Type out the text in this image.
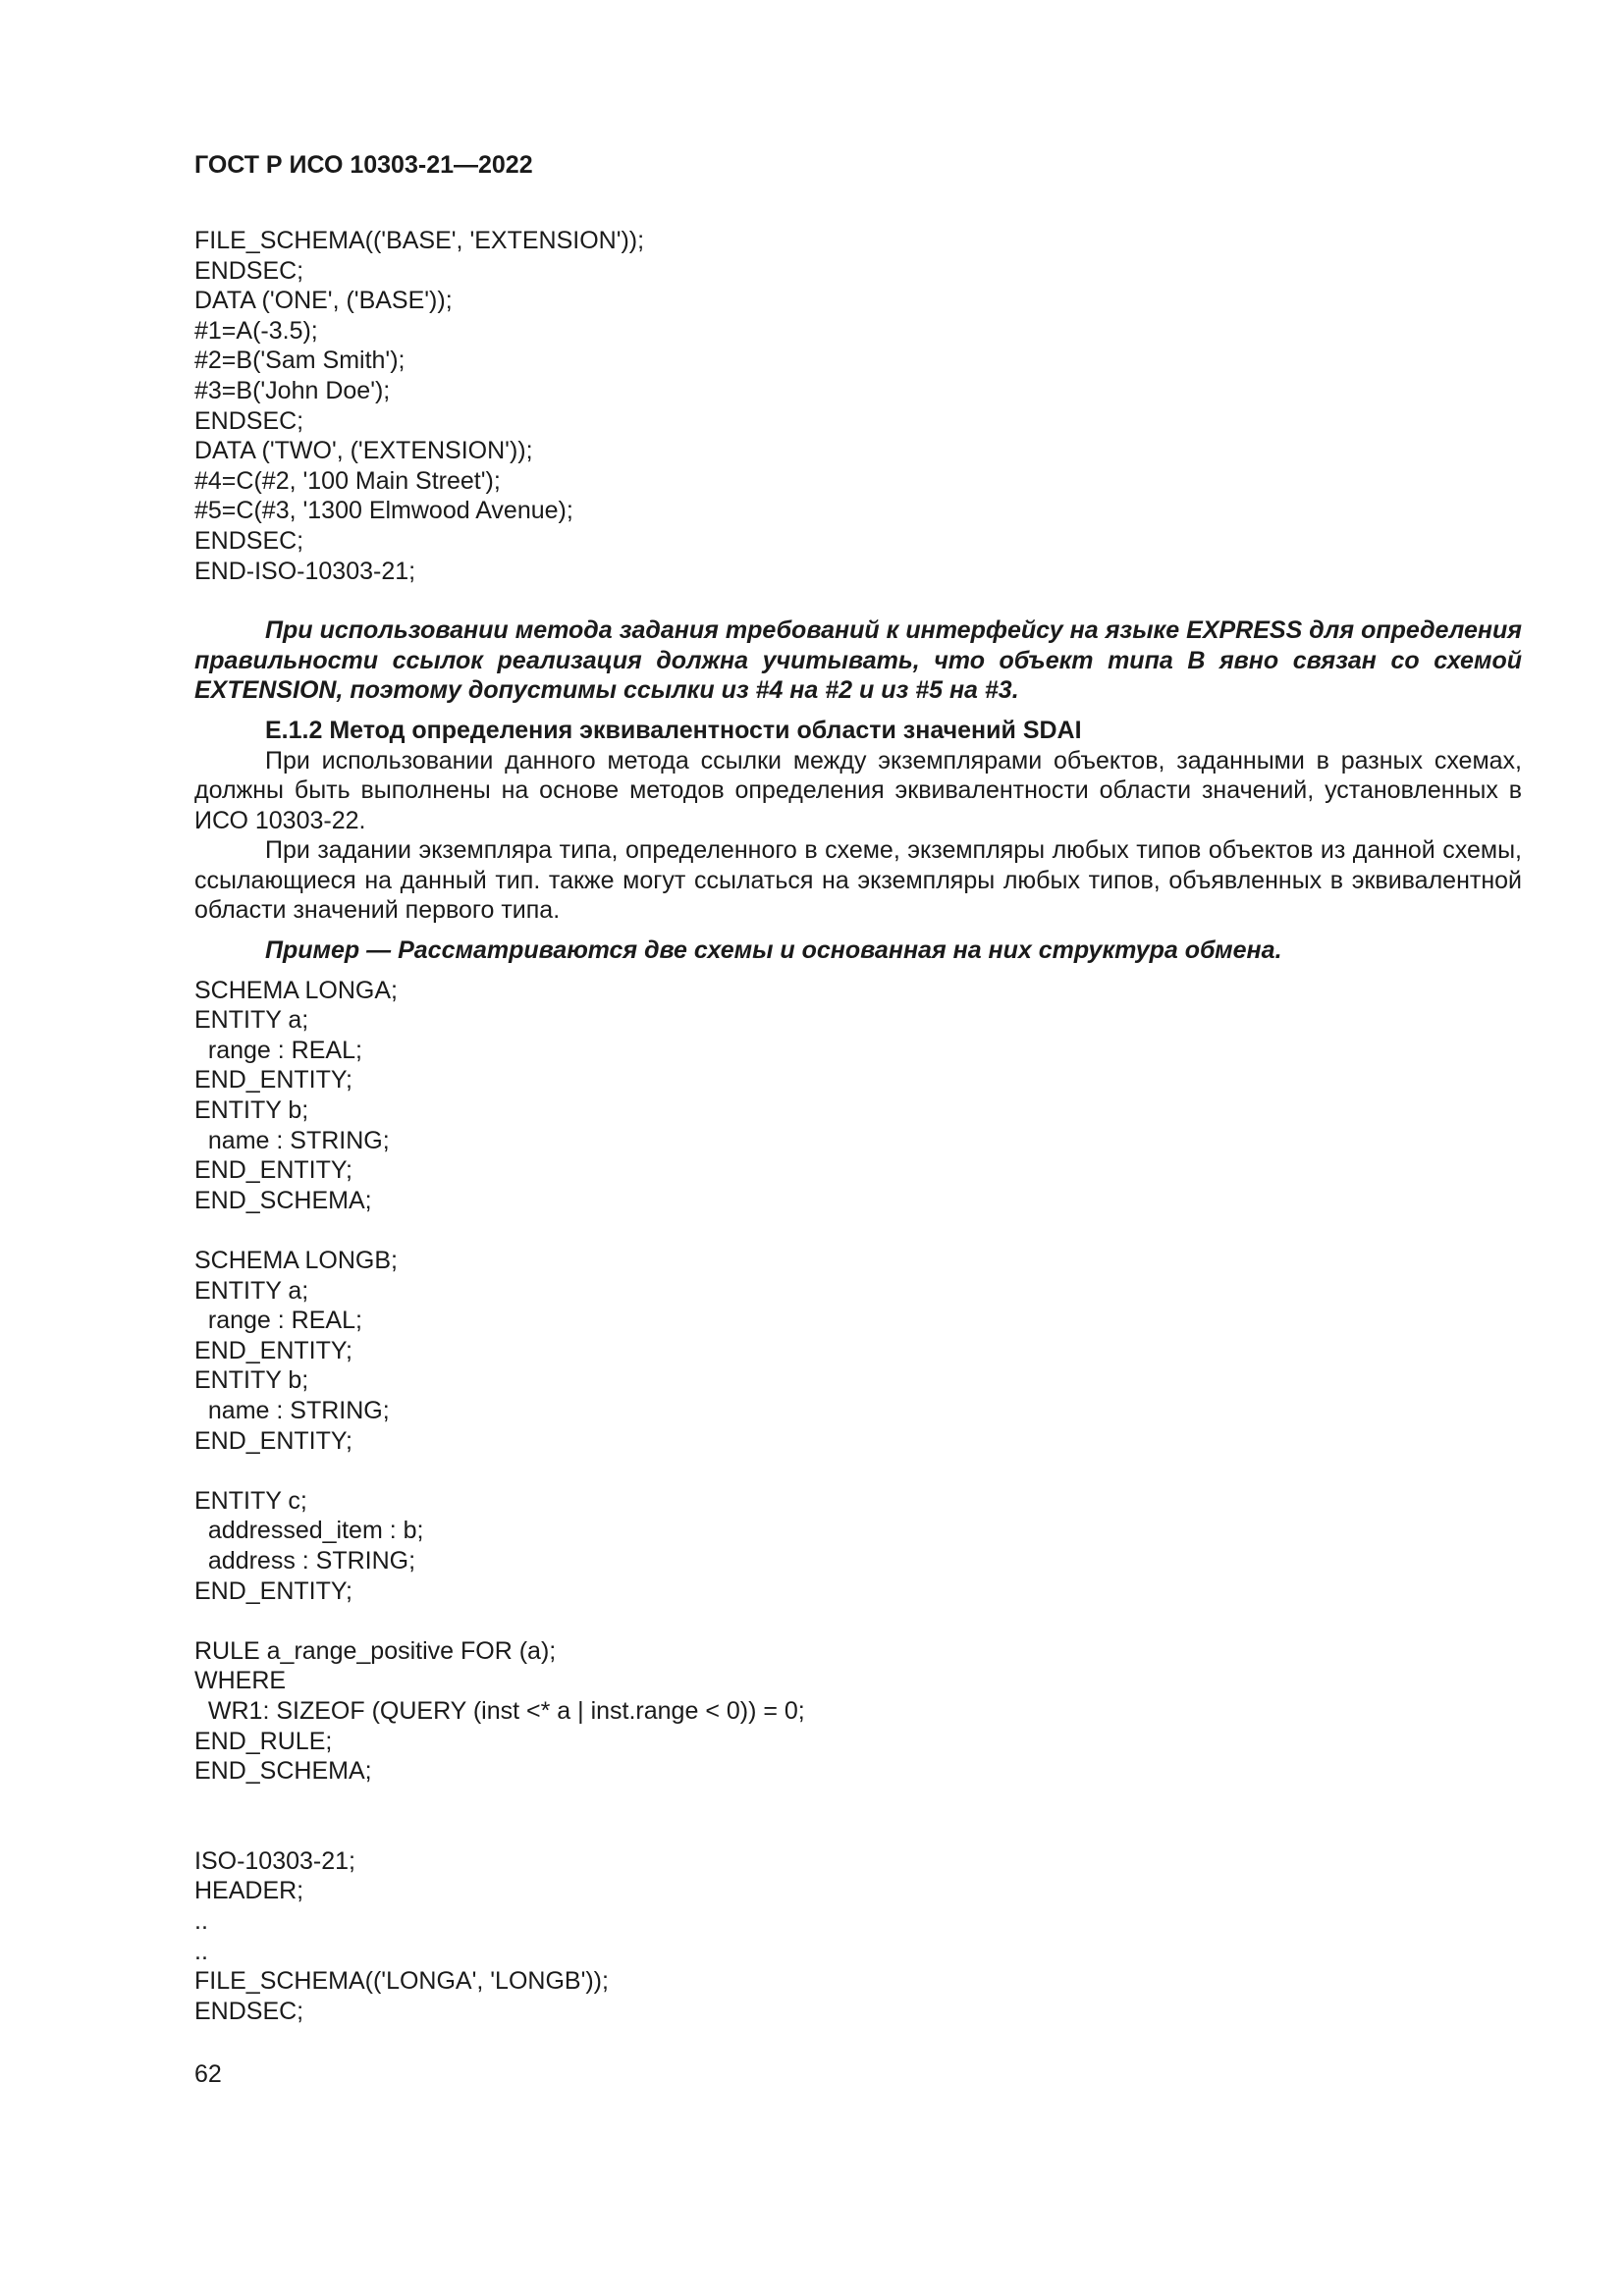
ГОСТ Р ИСО 10303-21—2022
FILE_SCHEMA(('BASE', 'EXTENSION'));
ENDSEC;
DATA ('ONE', ('BASE'));
#1=A(-3.5);
#2=B('Sam Smith');
#3=B('John Doe');
ENDSEC;
DATA ('TWO', ('EXTENSION'));
#4=C(#2, '100 Main Street');
#5=C(#3, '1300 Elmwood Avenue);
ENDSEC;
END-ISO-10303-21;

При использовании метода задания требований к интерфейсу на языке EXPRESS для определения правильности ссылок реализация должна учитывать, что объект типа B явно связан со схемой EXTENSION, поэтому допустимы ссылки из #4 на #2 и из #5 на #3.

Е.1.2 Метод определения эквивалентности области значений SDAI

При использовании данного метода ссылки между экземплярами объектов, заданными в разных схемах, должны быть выполнены на основе методов определения эквивалентности области значений, установленных в ИСО 10303-22.

При задании экземпляра типа, определенного в схеме, экземпляры любых типов объектов из данной схемы, ссылающиеся на данный тип. также могут ссылаться на экземпляры любых типов, объявленных в эквивалентной области значений первого типа.

Пример — Рассматриваются две схемы и основанная на них структура обмена.

SCHEMA LONGA;
ENTITY a;
range : REAL;
END_ENTITY;
ENTITY b;
name : STRING;
END_ENTITY;
END_SCHEMA;
SCHEMA LONGB;
ENTITY a;
range : REAL;
END_ENTITY;
ENTITY b;
name : STRING;
END_ENTITY;
ENTITY c;
addressed_item : b;
address : STRING;
END_ENTITY;
RULE a_range_positive FOR (a);
WHERE
WR1: SIZEOF (QUERY (inst <* a | inst.range < 0)) = 0;
END_RULE;
END_SCHEMA;
ISO-10303-21;
HEADER;
..
..
FILE_SCHEMA(('LONGA', 'LONGB'));
ENDSEC;
62
